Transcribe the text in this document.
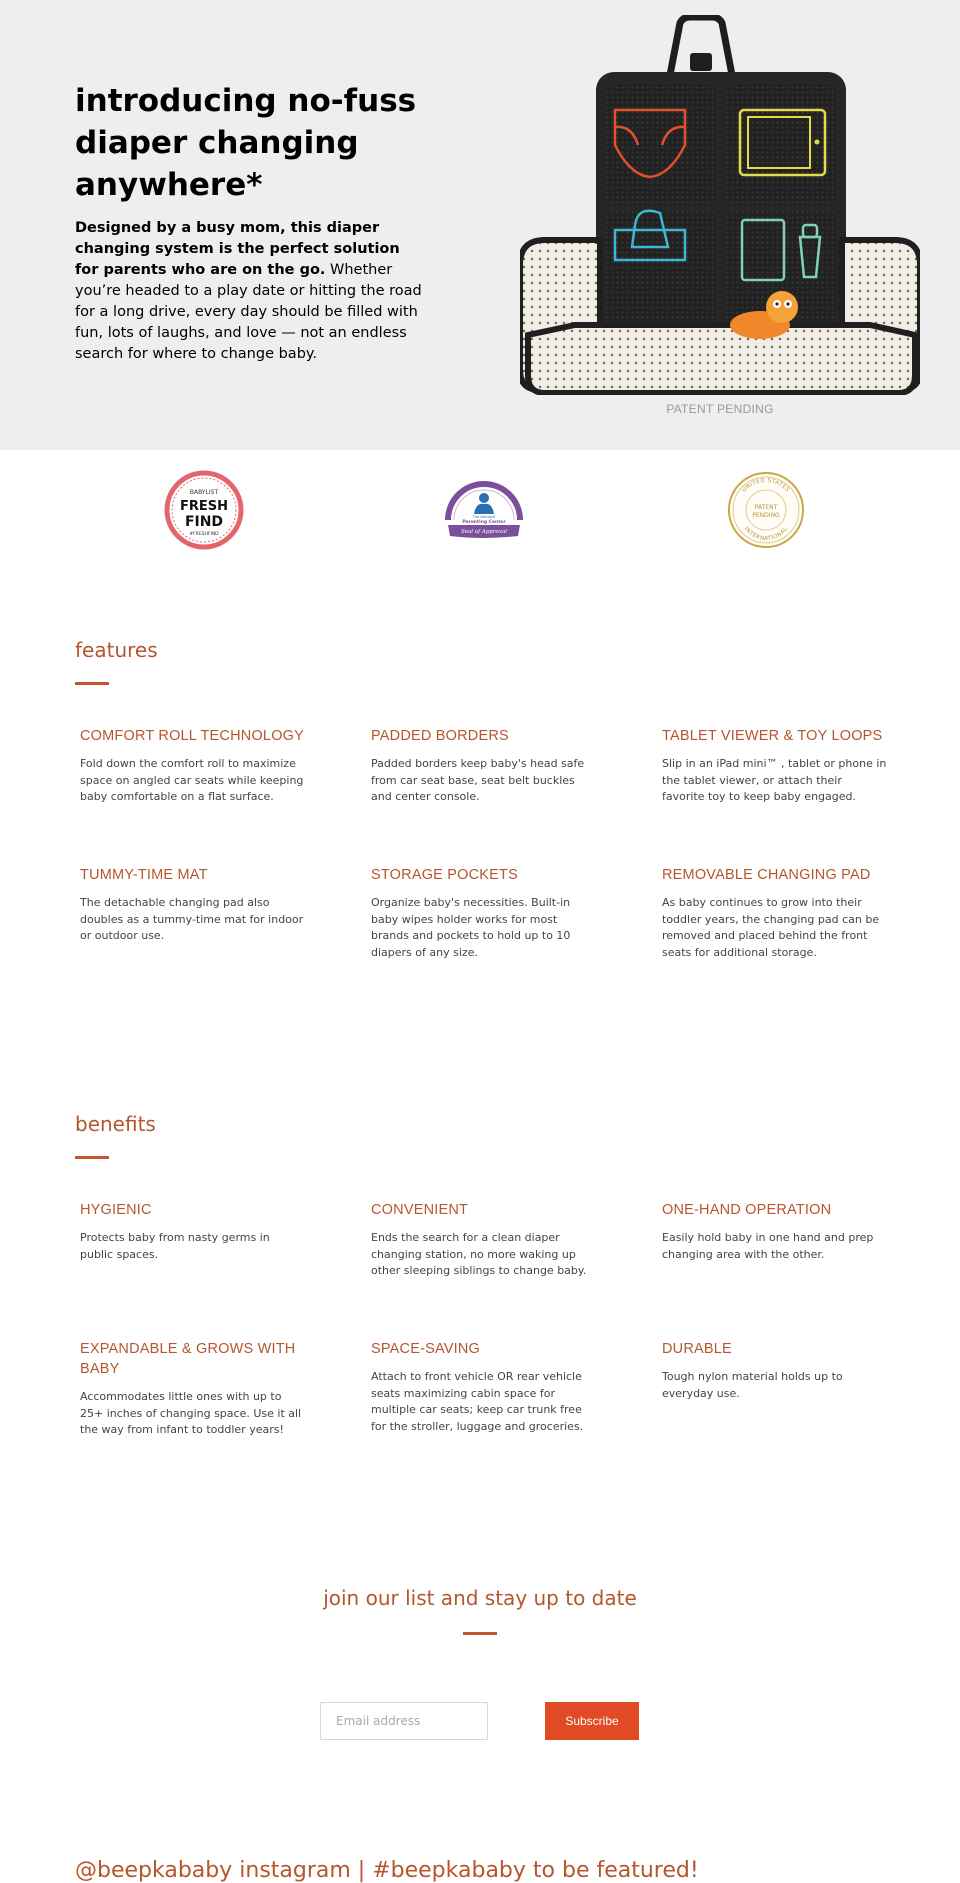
introducing no-fuss diaper changing anywhere*

Designed by a busy mom, this diaper changing system is the perfect solution for parents who are on the go. Whether you’re headed to a play date or hitting the road for a long drive, every day should be filled with fun, lots of laughs, and love — not an endless search for where to change baby.

PATENT PENDING
BABYLIST
FRESH
FIND
#FRESHFIND
The National
Parenting Center
Seal of Approval
UNITED STATES
INTERNATIONAL
PATENT
PENDING
features
COMFORT ROLL TECHNOLOGY

Fold down the comfort roll to maximize space on angled car seats while keeping baby comfortable on a flat surface.

PADDED BORDERS

Padded borders keep baby's head safe from car seat base, seat belt buckles and center console.

TABLET VIEWER & TOY LOOPS

Slip in an iPad mini™ , tablet or phone in the tablet viewer, or attach their favorite toy to keep baby engaged.

TUMMY-TIME MAT

The detachable changing pad also doubles as a tummy-time mat for indoor or outdoor use.

STORAGE POCKETS

Organize baby's necessities. Built-in baby wipes holder works for most brands and pockets to hold up to 10 diapers of any size.

REMOVABLE CHANGING PAD

As baby continues to grow into their toddler years, the changing pad can be removed and placed behind the front seats for additional storage.

benefits
HYGIENIC

Protects baby from nasty germs in public spaces.

CONVENIENT

Ends the search for a clean diaper changing station, no more waking up other sleeping siblings to change baby.

ONE-HAND OPERATION

Easily hold baby in one hand and prep changing area with the other.

EXPANDABLE & GROWS WITH BABY

Accommodates little ones with up to 25+ inches of changing space. Use it all the way from infant to toddler years!

SPACE-SAVING

Attach to front vehicle OR rear vehicle seats maximizing cabin space for multiple car seats; keep car trunk free for the stroller, luggage and groceries.

DURABLE

Tough nylon material holds up to everyday use.

join our list and stay up to date
Email address
Subscribe
@beepkababy instagram | #beepkababy to be featured!
